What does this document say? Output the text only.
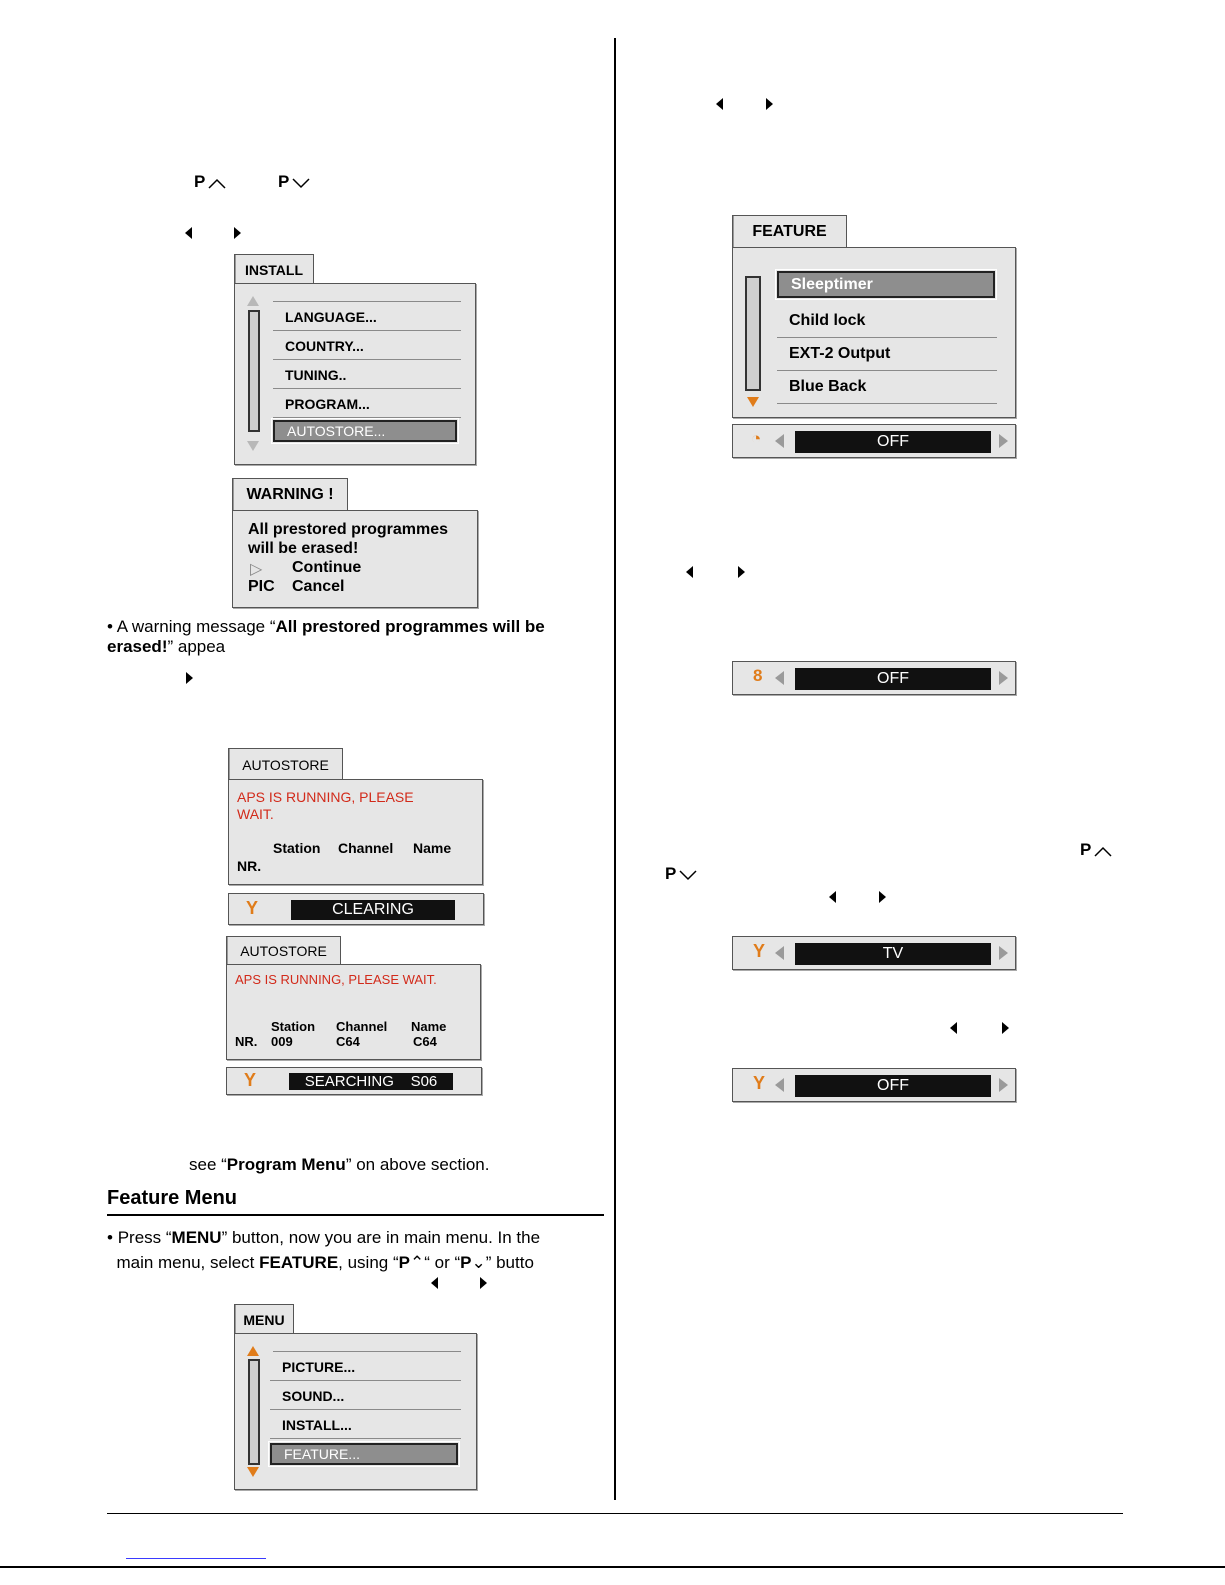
P	P
INSTALL
LANGUAGE...
COUNTRY...
TUNING..
PROGRAM...
AUTOSTORE...
WARNING !
All prestored programmes
will be erased!
▷ Continue
PIC Cancel
• A warning message “All prestored programmes will be erased!” appea
AUTOSTORE
APS IS RUNNING, PLEASE WAIT.
Station Channel Name
NR.
Y	CLEARING
AUTOSTORE
APS IS RUNNING, PLEASE WAIT.
Station Channel Name
NR. 009	C64	C64
Y	SEARCHING    S06
see “Program Menu” on above section.
Feature Menu
• Press “MENU” button, now you are in main menu. In the
main menu, select FEATURE, using “P⌃“ or “P⌄” butto
MENU
PICTURE...
SOUND...
INSTALL...
FEATURE...
FEATURE
Sleeptimer
Child lock
EXT-2 Output
Blue Back
◔	OFF
8	OFF
P
P
Y	TV
Y	OFF
